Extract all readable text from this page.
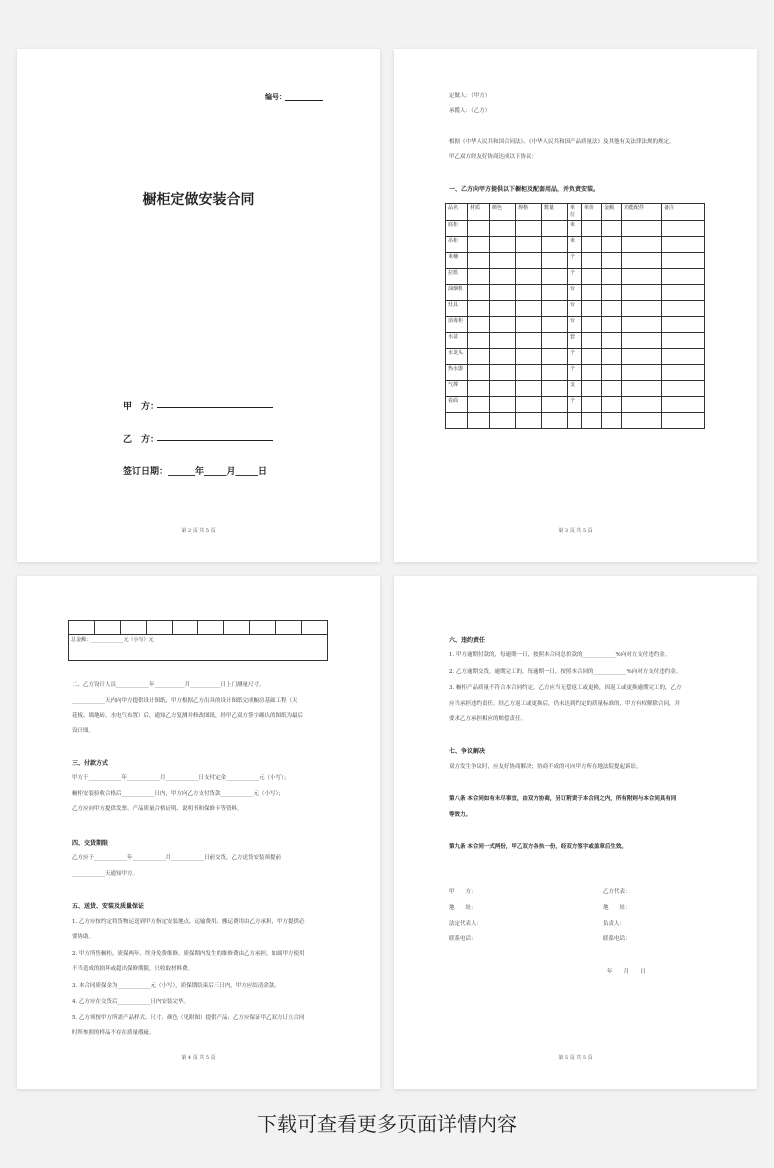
编号：
橱柜定做安装合同
甲　方：
乙　方：
签订日期：______年_____月_____日
第 2 页 共 5 页
定做人：（甲方）
承揽人：（乙方）
根据《中华人民共和国合同法》、《中华人民共和国产品质量法》及其他有关法律法规的规定，
甲乙双方经友好协商达成以下协议：
一、乙方向甲方提供以下橱柜及配套用品，并负责安装。
品名	材质	颜色	规格	数量	单位	单价	金额	功能配件	备注
底柜					米				
吊柜					米				
米桶					个				
拉篮					个				
油烟机					台				
灶具					台				
消毒柜					台				
水盆					套				
水龙头					个				
热水器					个				
气撑					支				
看面					个				

第 3 页 共 5 页

总金额：_____________元（小写）元
二、乙方设计人员____________年___________月___________日上门测量尺寸。
____________天内向甲方提供设计图纸，甲方根据乙方出具的设计图纸完成橱房基础工程（天
花板、墙地砖、水电气布置）后，通知乙方复测并修改图纸，经甲乙双方签字确认的图纸为最后
设计图。
三、付款方式
甲方于____________年____________月____________日支付定金____________元（小写）；
橱柜安装验收合格后____________日内，甲方向乙方支付货款____________元（小写）；
乙方应向甲方提供发票、产品质量合格证明、说明书和保修卡等资料。
四、交货期限
乙方应于____________年____________月____________日前交货，乙方送货安装须提前
____________天通知甲方。
五、送货、安装及质量保证
1. 乙方应按约定将货物运送到甲方指定安装地点，运输费用、搬运费用由乙方承担，甲方提供必
要协助。
2. 甲方所售橱柜，质保两年、终身免费维修。质保期内发生的维修费由乙方承担。如属甲方使用
不当造成的损坏或超出保修期限，只收取材料费。
3. 本合同质保金为____________元（小写），质保期结束后三日内，甲方应结清余款。
4. 乙方应在交货后____________日内安装完毕。
5. 乙方须按甲方所需产品样式、尺寸、颜色（见附图）提供产品；乙方应保证甲乙双方订立合同
时所参照的样品不存在质量瑕疵。
第 4 页 共 5 页
六、违约责任
1. 甲方逾期付款的，每逾期一日，按照本合同总价款的____________%向对方支付违约金。
2. 乙方逾期交货，逾期完工的，每逾期一日，按照本合同的____________%向对方支付违约金。
3. 橱柜产品质量不符合本合同约定，乙方应当无偿返工或更换，因返工或更换逾期完工的，乙方
应当承担违约责任。经乙方返工或更换后，仍未达到约定的质量标准的，甲方有权解除合同，并
要求乙方承担相应的赔偿责任。
七、争议解决
双方发生争议时，应友好协商解决；协商不成的可向甲方所在地法院提起诉讼。
第八条 本合同如有未尽事宜，由双方协商，另订附责于本合同之内，所有附则与本合同具有同
等效力。
第九条 本合同一式两份，甲乙双方各执一份，经双方签字或盖章后生效。
甲　　方：
地　　址：
法定代表人：
联系电话：
乙方代表：
地　　址：
负责人：
联系电话：
年　　月　　日
第 5 页 共 5 页
下载可查看更多页面详情内容
